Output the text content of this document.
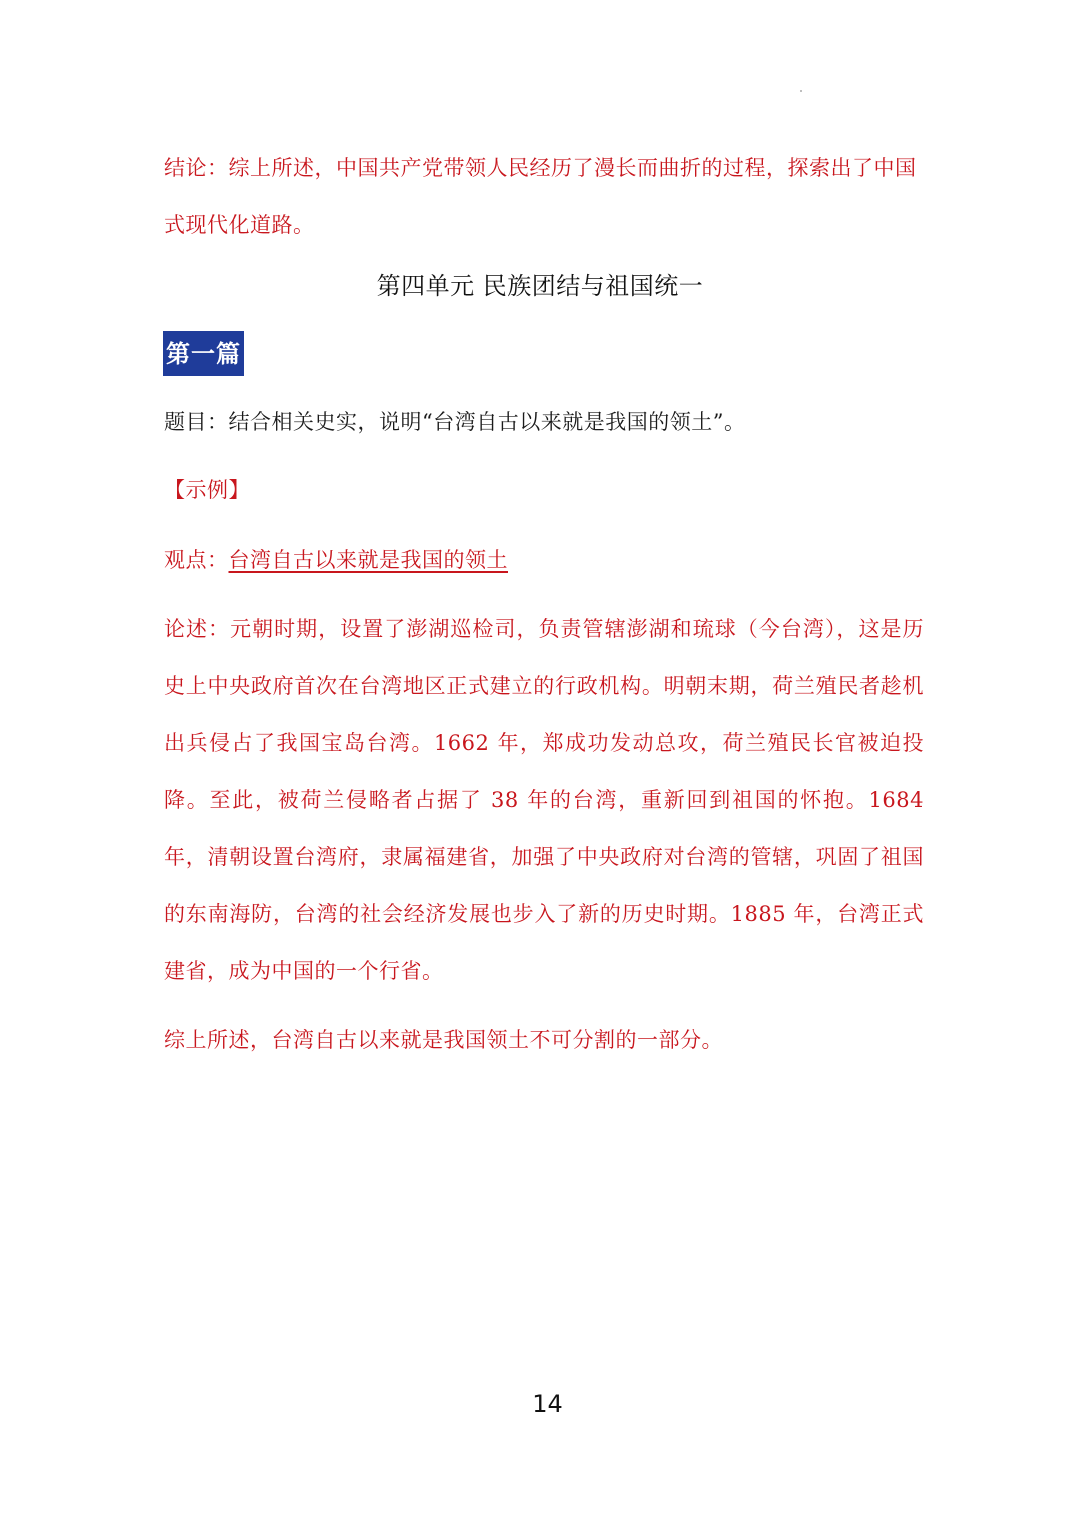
结论：综上所述，中国共产党带领人民经历了漫长而曲折的过程，探索出了中国式现代化道路。
第四单元 民族团结与祖国统一
第一篇
题目：结合相关史实，说明“台湾自古以来就是我国的领土”。
【示例】
观点：台湾自古以来就是我国的领土
论述：元朝时期，设置了澎湖巡检司，负责管辖澎湖和琉球（今台湾），这是历史上中央政府首次在台湾地区正式建立的行政机构。明朝末期，荷兰殖民者趁机出兵侵占了我国宝岛台湾。1662 年，郑成功发动总攻，荷兰殖民长官被迫投降。至此，被荷兰侵略者占据了 38 年的台湾，重新回到祖国的怀抱。1684 年，清朝设置台湾府，隶属福建省，加强了中央政府对台湾的管辖，巩固了祖国的东南海防，台湾的社会经济发展也步入了新的历史时期。1885 年，台湾正式建省，成为中国的一个行省。
综上所述，台湾自古以来就是我国领土不可分割的一部分。
14
